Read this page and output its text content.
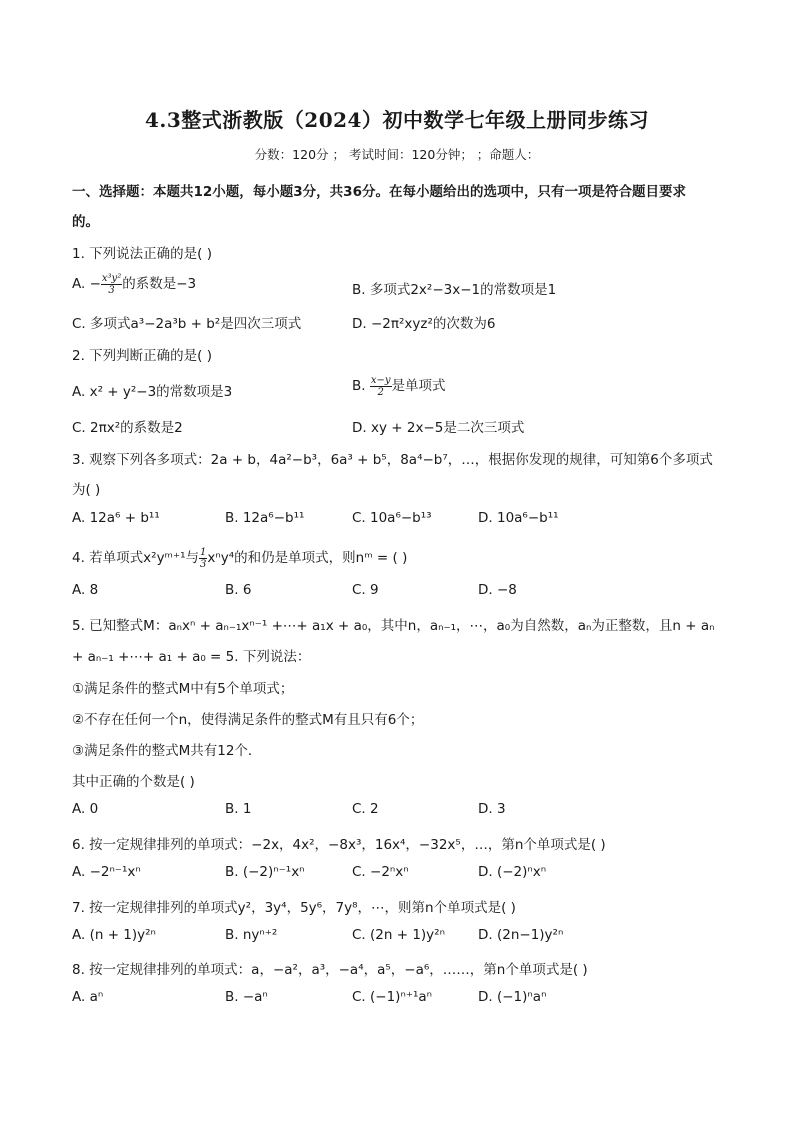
4.3整式浙教版（2024）初中数学七年级上册同步练习
分数：120分 ； 考试时间：120分钟； ；命题人：
一、选择题：本题共12小题，每小题3分，共36分。在每小题给出的选项中，只有一项是符合题目要求
的。
1. 下列说法正确的是( )
A. − $\frac{\text{x³y²}}{3}$ 的系数是−3	B. 多项式2x²−3x−1的常数项是1
C. 多项式a³−2a³b + b²是四次三项式	D. −2π²xyz²的次数为6
2. 下列判断正确的是( )
A. x² + y²−3的常数项是3	B. $\frac{x-y}{2}$ 是单项式
C. 2πx²的系数是2	D. xy + 2x−5是二次三项式
3. 观察下列各多项式：2a + b，4a²−b³，6a³ + b⁵，8a⁴−b⁷，…，根据你发现的规律，可知第6个多项式
为( )
A. 12a⁶ + b¹¹	B. 12a⁶−b¹¹	C. 10a⁶−b¹³	D. 10a⁶−b¹¹
4. 若单项式x²yᵐ⁺¹与 $\frac{1}{3} x^ny^4$的和仍是单项式，则nᵐ = ( )
A. 8	B. 6	C. 9	D. −8
5. 已知整式M：aₙxⁿ + aₙ₋₁xⁿ⁻¹ +⋯+ a₁x + a₀，其中n，aₙ₋₁，⋯，a₀为自然数，aₙ为正整数，且n + aₙ
+ aₙ₋₁ +⋯+ a₁ + a₀ = 5. 下列说法：
①满足条件的整式M中有5个单项式；
②不存在任何一个n，使得满足条件的整式M有且只有6个；
③满足条件的整式M共有12个．
其中正确的个数是( )
A. 0	B. 1	C. 2	D. 3
6. 按一定规律排列的单项式：−2x，4x²，−8x³，16x⁴，−32x⁵，…，第n个单项式是( )
A. −2ⁿ⁻¹xⁿ	B. (−2)ⁿ⁻¹xⁿ	C. −2ⁿxⁿ	D. (−2)ⁿxⁿ
7. 按一定规律排列的单项式y²，3y⁴，5y⁶，7y⁸，⋯，则第n个单项式是( )
A. (n + 1)y²ⁿ	B. nyⁿ⁺²	C. (2n + 1)y²ⁿ D. (2n−1)y²ⁿ
8. 按一定规律排列的单项式：a，−a²，a³，−a⁴，a⁵，−a⁶，……，第n个单项式是( )
A. aⁿ	B. −aⁿ	C. (−1)ⁿ⁺¹aⁿ	D. (−1)ⁿaⁿ
